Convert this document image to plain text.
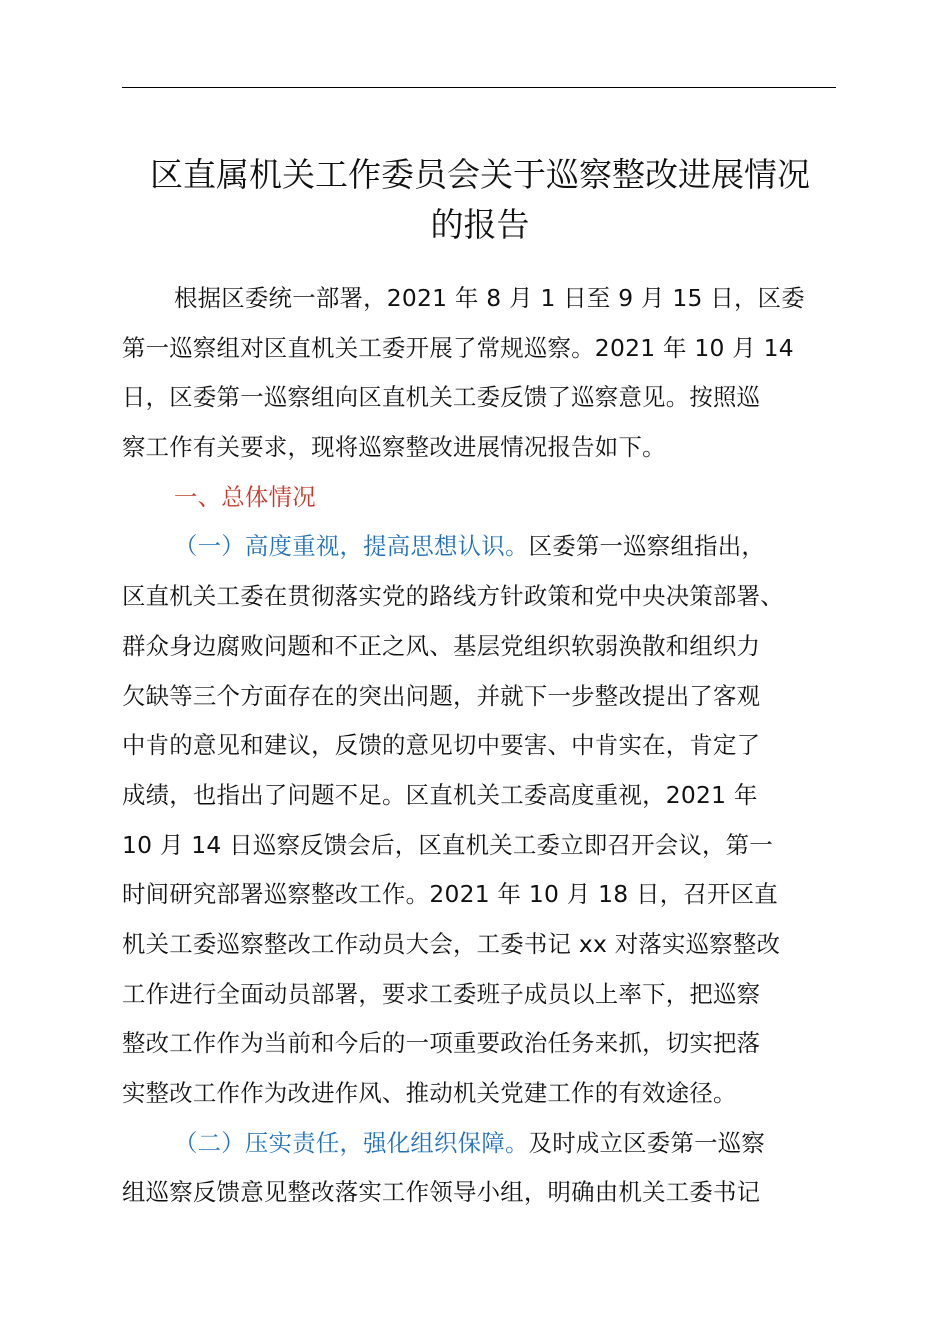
区直属机关工作委员会关于巡察整改进展情况
的报告
根据区委统一部署，2021 年 8 月 1 日至 9 月 15 日，区委
第一巡察组对区直机关工委开展了常规巡察。2021 年 10 月 14
日，区委第一巡察组向区直机关工委反馈了巡察意见。按照巡
察工作有关要求，现将巡察整改进展情况报告如下。
一、总体情况
（一）高度重视，提高思想认识。区委第一巡察组指出，
区直机关工委在贯彻落实党的路线方针政策和党中央决策部署、
群众身边腐败问题和不正之风、基层党组织软弱涣散和组织力
欠缺等三个方面存在的突出问题，并就下一步整改提出了客观
中肯的意见和建议，反馈的意见切中要害、中肯实在，肯定了
成绩，也指出了问题不足。区直机关工委高度重视，2021 年
10 月 14 日巡察反馈会后，区直机关工委立即召开会议，第一
时间研究部署巡察整改工作。2021 年 10 月 18 日，召开区直
机关工委巡察整改工作动员大会，工委书记 xx 对落实巡察整改
工作进行全面动员部署，要求工委班子成员以上率下，把巡察
整改工作作为当前和今后的一项重要政治任务来抓，切实把落
实整改工作作为改进作风、推动机关党建工作的有效途径。
（二）压实责任，强化组织保障。及时成立区委第一巡察
组巡察反馈意见整改落实工作领导小组，明确由机关工委书记
